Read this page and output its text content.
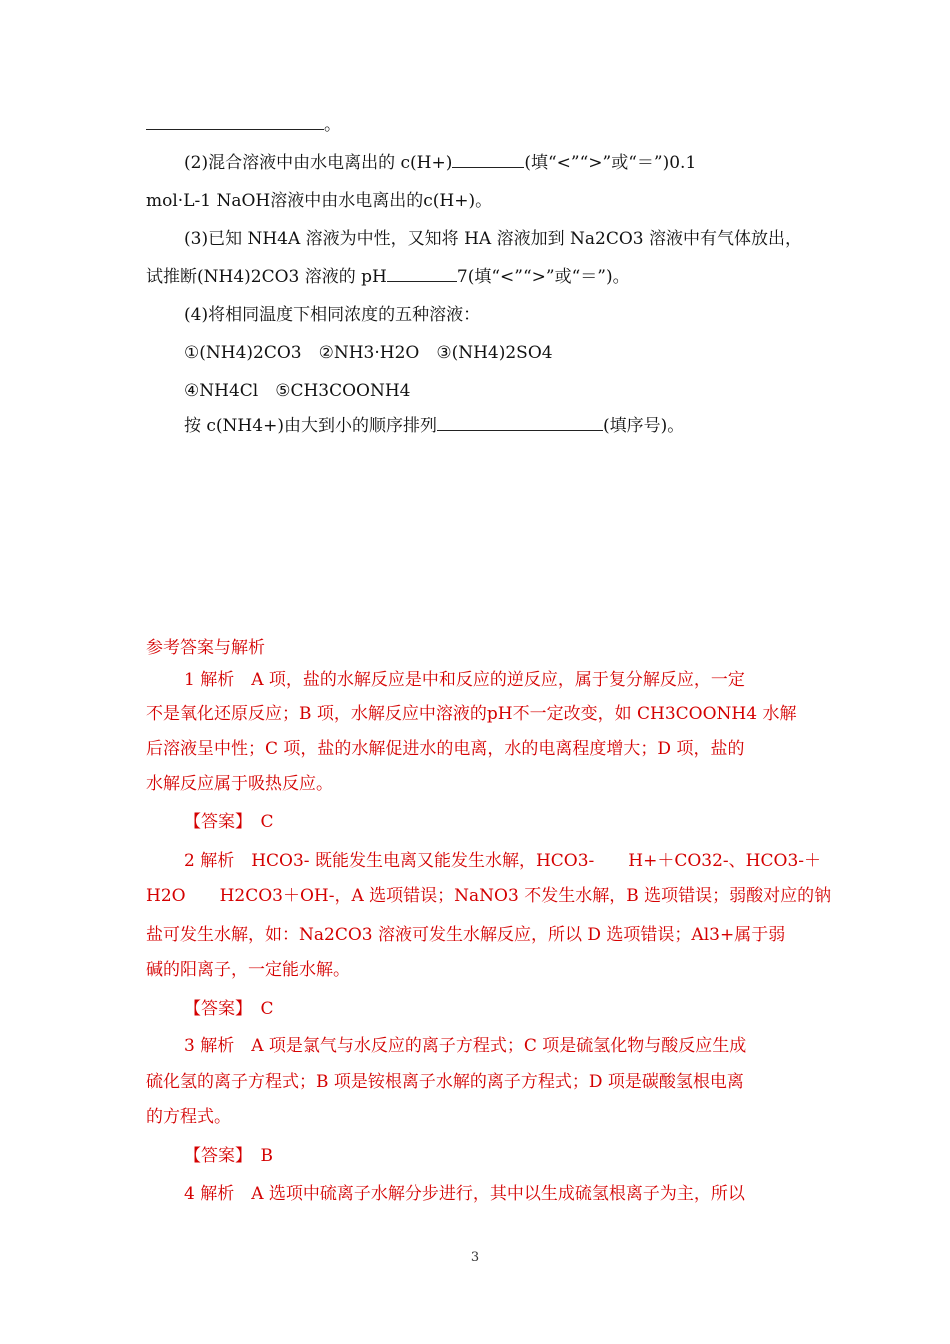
。
(2)混合溶液中由水电离出的 c(H+)	(填“<”“>”或“＝”)0.1
mol·L-1 NaOH溶液中由水电离出的c(H+)。
(3)已知 NH4A 溶液为中性，又知将 HA 溶液加到 Na2CO3 溶液中有气体放出，
试推断(NH4)2CO3 溶液的 pH	7(填“<”“>”或“＝”)。
(4)将相同温度下相同浓度的五种溶液：
①(NH4)2CO3　②NH3·H2O　③(NH4)2SO4
④NH4Cl　⑤CH3COONH4
按 c(NH4+)由大到小的顺序排列	(填序号)。
参考答案与解析
1 解析　A 项，盐的水解反应是中和反应的逆反应，属于复分解反应，一定
不是氧化还原反应；B 项，水解反应中溶液的pH不一定改变，如 CH3COONH4 水解
后溶液呈中性；C 项，盐的水解促进水的电离，水的电离程度增大；D 项，盐的
水解反应属于吸热反应。
【答案】　C
2 解析　HCO3- 既能发生电离又能发生水解，HCO3-　　H+＋CO32-、HCO3-＋
H2O　　H2CO3＋OH-，A 选项错误；NaNO3 不发生水解，B 选项错误；弱酸对应的钠
盐可发生水解，如：Na2CO3 溶液可发生水解反应，所以 D 选项错误；Al3+属于弱
碱的阳离子，一定能水解。
【答案】　C
3 解析　A 项是氯气与水反应的离子方程式；C 项是硫氢化物与酸反应生成
硫化氢的离子方程式；B 项是铵根离子水解的离子方程式；D 项是碳酸氢根电离
的方程式。
【答案】　B
4 解析　A 选项中硫离子水解分步进行，其中以生成硫氢根离子为主，所以
3
